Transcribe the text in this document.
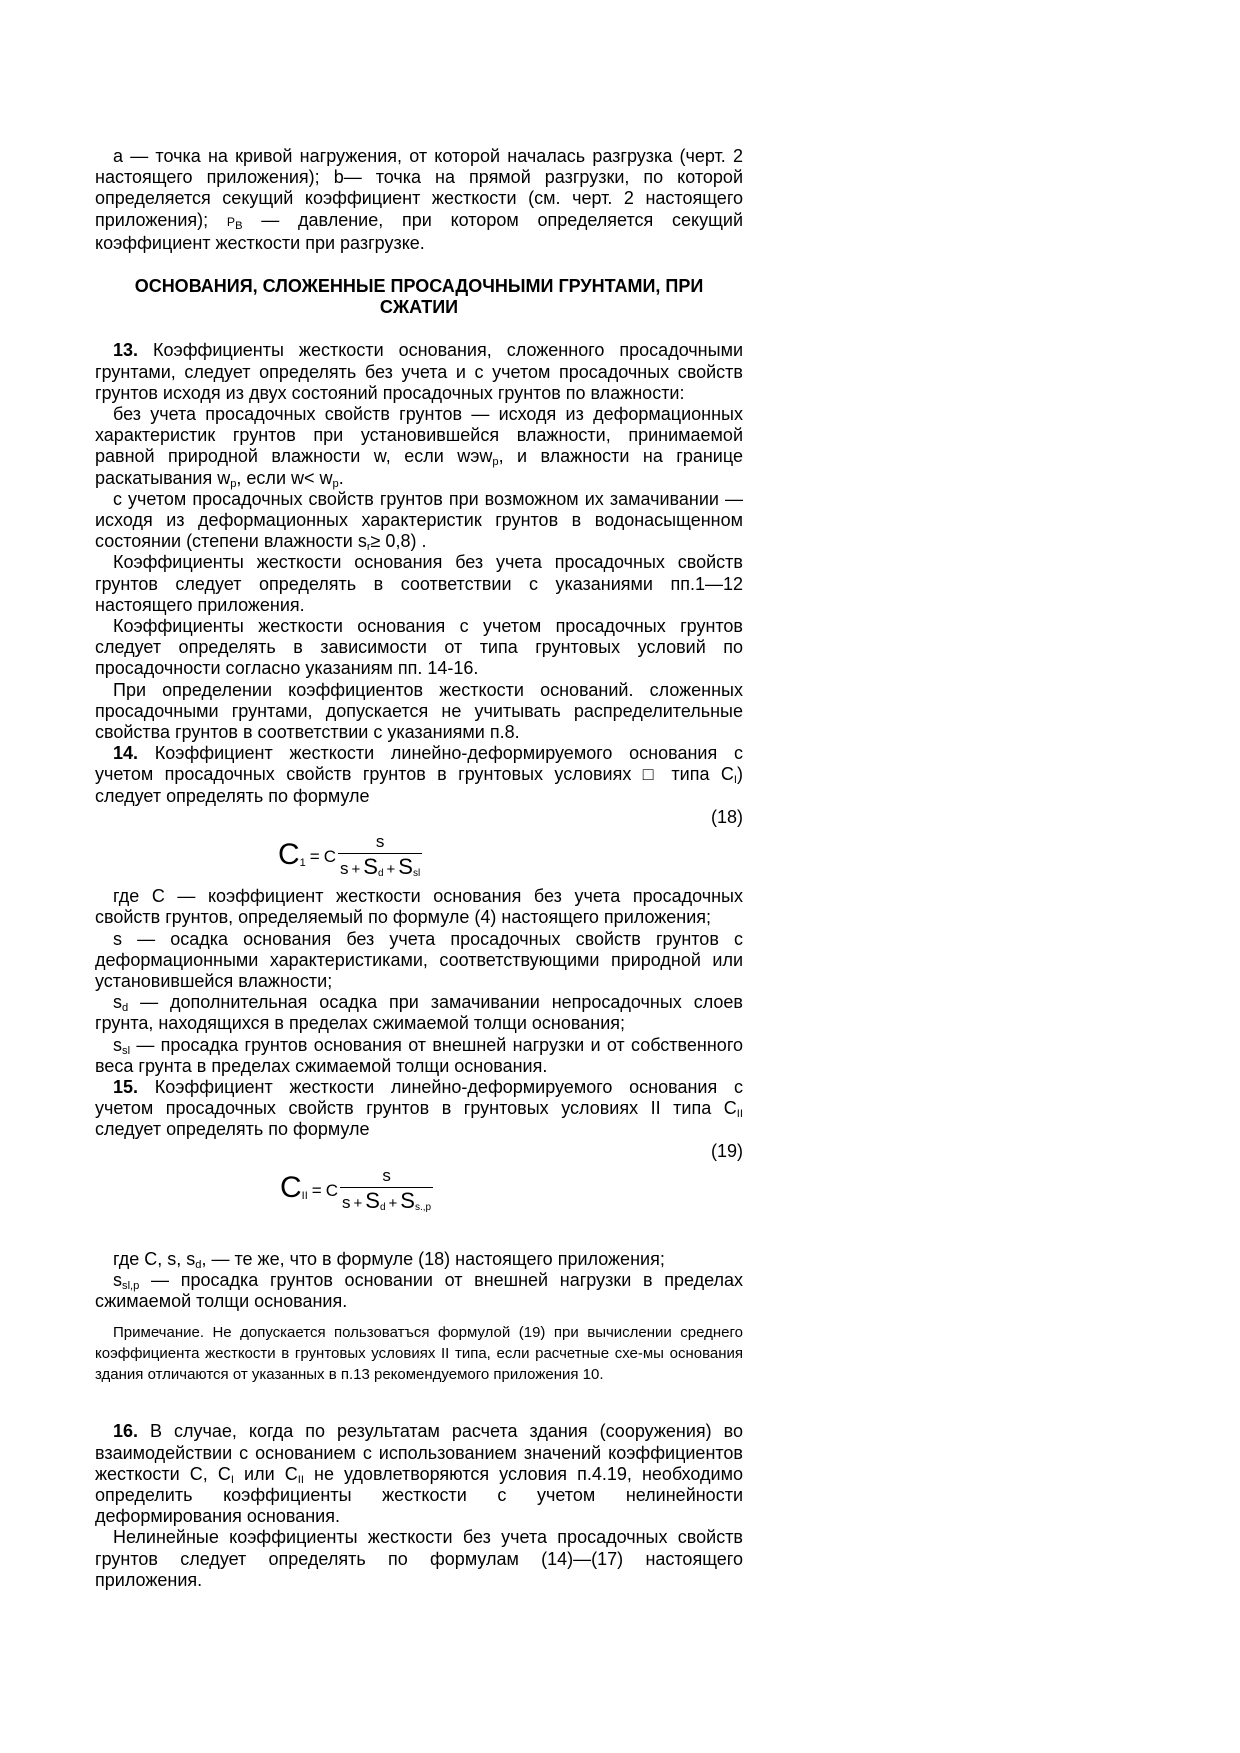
a — точка на кривой нагружения, от которой началась разгрузка (черт. 2 настоящего приложения); b— точка на прямой разгрузки, по которой определяется секущий коэффициент жесткости (см. черт. 2 настоящего приложения); $P_B$ — давление, при котором определяется секущий коэффициент жесткости при разгрузке.

ОСНОВАНИЯ, СЛОЖЕННЫЕ ПРОСАДОЧНЫМИ ГРУНТАМИ, ПРИ СЖАТИИ

13. Коэффициенты жесткости основания, сложенного просадочными грунтами, следует определять без учета и с учетом просадочных свойств грунтов исходя из двух состояний просадочных грунтов по влажности:

без учета просадочных свойств грунтов — исходя из деформационных характеристик грунтов при установившейся влажности, принимаемой равной природной влажности w, если wэw$_p$, и влажности на границе раскатывания $w_p$, если $w< w_p$.

с учетом просадочных свойств грунтов при возможном их замачивании — исходя из деформационных характеристик грунтов в водонасыщенном состоянии (степени влажности $s_r\ge 0,8$) .

Коэффициенты жесткости основания без учета просадочных свойств грунтов следует определять в соответствии с указаниями пп.1—12 настоящего приложения.

Коэффициенты жесткости основания с учетом просадочных грунтов следует определять в зависимости от типа грунтовых условий по просадочности согласно указаниям пп. 14-16.

При определении коэффициентов жесткости оснований. сложенных просадочными грунтами, допускается не учитывать распределительные свойства грунтов в соответствии с указаниями п.8.

14. Коэффициент жесткости линейно-деформируемого основания с учетом просадочных свойств грунтов в грунтовых условиях □ типа $C_I$) следует определять по формуле

(18)
$C_1 = C \frac{s}{s + S_d + S_{sl}}$

где C — коэффициент жесткости основания без учета просадочных свойств грунтов, определяемый по формуле (4) настоящего приложения;

s — осадка основания без учета просадочных свойств грунтов с деформационными характеристиками, соответствующими природной или установившейся влажности;

$s_d$ — дополнительная осадка при замачивании непросадочных слоев грунта, находящихся в пределах сжимаемой толщи основания;

$s_{sl}$ — просадка грунтов основания от внешней нагрузки и от собственного веса грунта в пределах сжимаемой толщи основания.

15. Коэффициент жесткости линейно-деформируемого основания с учетом просадочных свойств грунтов в грунтовых условиях II типа $C_{II}$ следует определять по формуле

(19)
$C_{II} = C \frac{s}{s + S_d + S_{s.,p}}$

где C, s, $s_d$, — те же, что в формуле (18) настоящего приложения;

$s_{sl,p}$ — просадка грунтов основании от внешней нагрузки в пределах сжимаемой толщи основания.

Примечание. Не допускается пользоватъся формулой (19) при вычислении среднего коэффициента жесткости в грунтовых условиях II типа, если расчетные схе-мы основания здания отличаются от указанных в п.13 рекомендуемого приложения 10.

16. В случае, когда по результатам расчета здания (сооружения) во взаимодействии с основанием с использованием значений коэффициентов жесткости C, $C_I$ или $C_{II}$ не удовлетворяются условия п.4.19, необходимо определить коэффициенты жесткости с учетом нелинейности деформирования основания.

Нелинейные коэффициенты жесткости без учета просадочных свойств грунтов следует определять по формулам (14)—(17) настоящего приложения.
